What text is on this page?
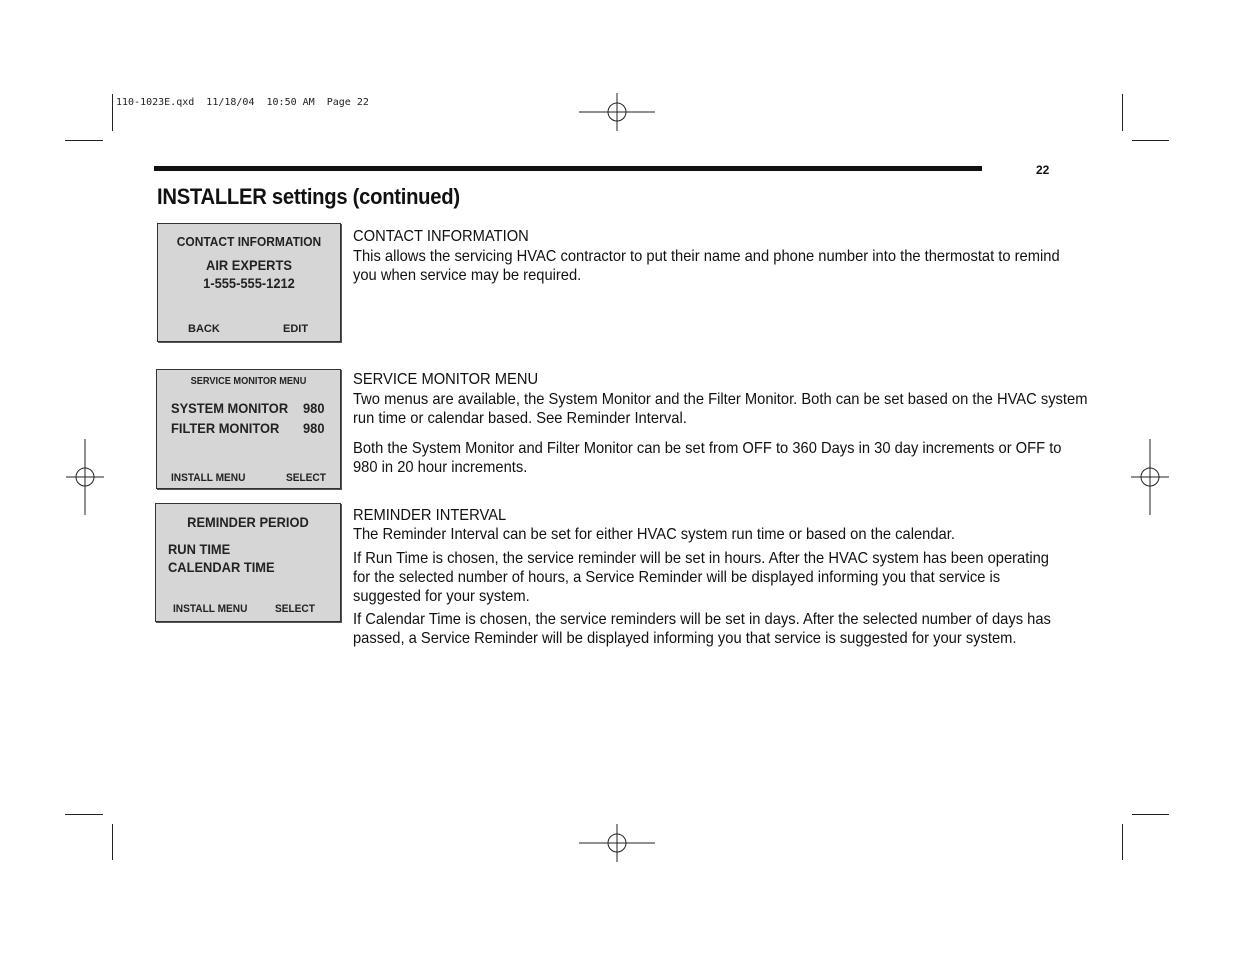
110-1023E.qxd  11/18/04  10:50 AM  Page 22
22
INSTALLER settings (continued)
CONTACT INFORMATION
AIR EXPERTS
1-555-555-1212
BACK	EDIT
SERVICE MONITOR MENU
SYSTEM MONITOR 980
FILTER MONITOR 980
INSTALL MENU	SELECT
REMINDER PERIOD
RUN TIME
CALENDAR TIME
INSTALL MENU	SELECT
CONTACT INFORMATION
This allows the servicing HVAC contractor to put their name and phone number into the thermostat to remind you when service may be required.
SERVICE MONITOR MENU
Two menus are available, the System Monitor and the Filter Monitor. Both can be set based on the HVAC system run time or calendar based. See Reminder Interval.
Both the System Monitor and Filter Monitor can be set from OFF to 360 Days in 30 day increments or OFF to 980 in 20 hour increments.
REMINDER INTERVAL
The Reminder Interval can be set for either HVAC system run time or based on the calendar.
If Run Time is chosen, the service reminder will be set in hours. After the HVAC system has been operating for the selected number of hours, a Service Reminder will be displayed informing you that service is suggested for your system.
If Calendar Time is chosen, the service reminders will be set in days. After the selected number of days has passed, a Service Reminder will be displayed informing you that service is suggested for your system.
